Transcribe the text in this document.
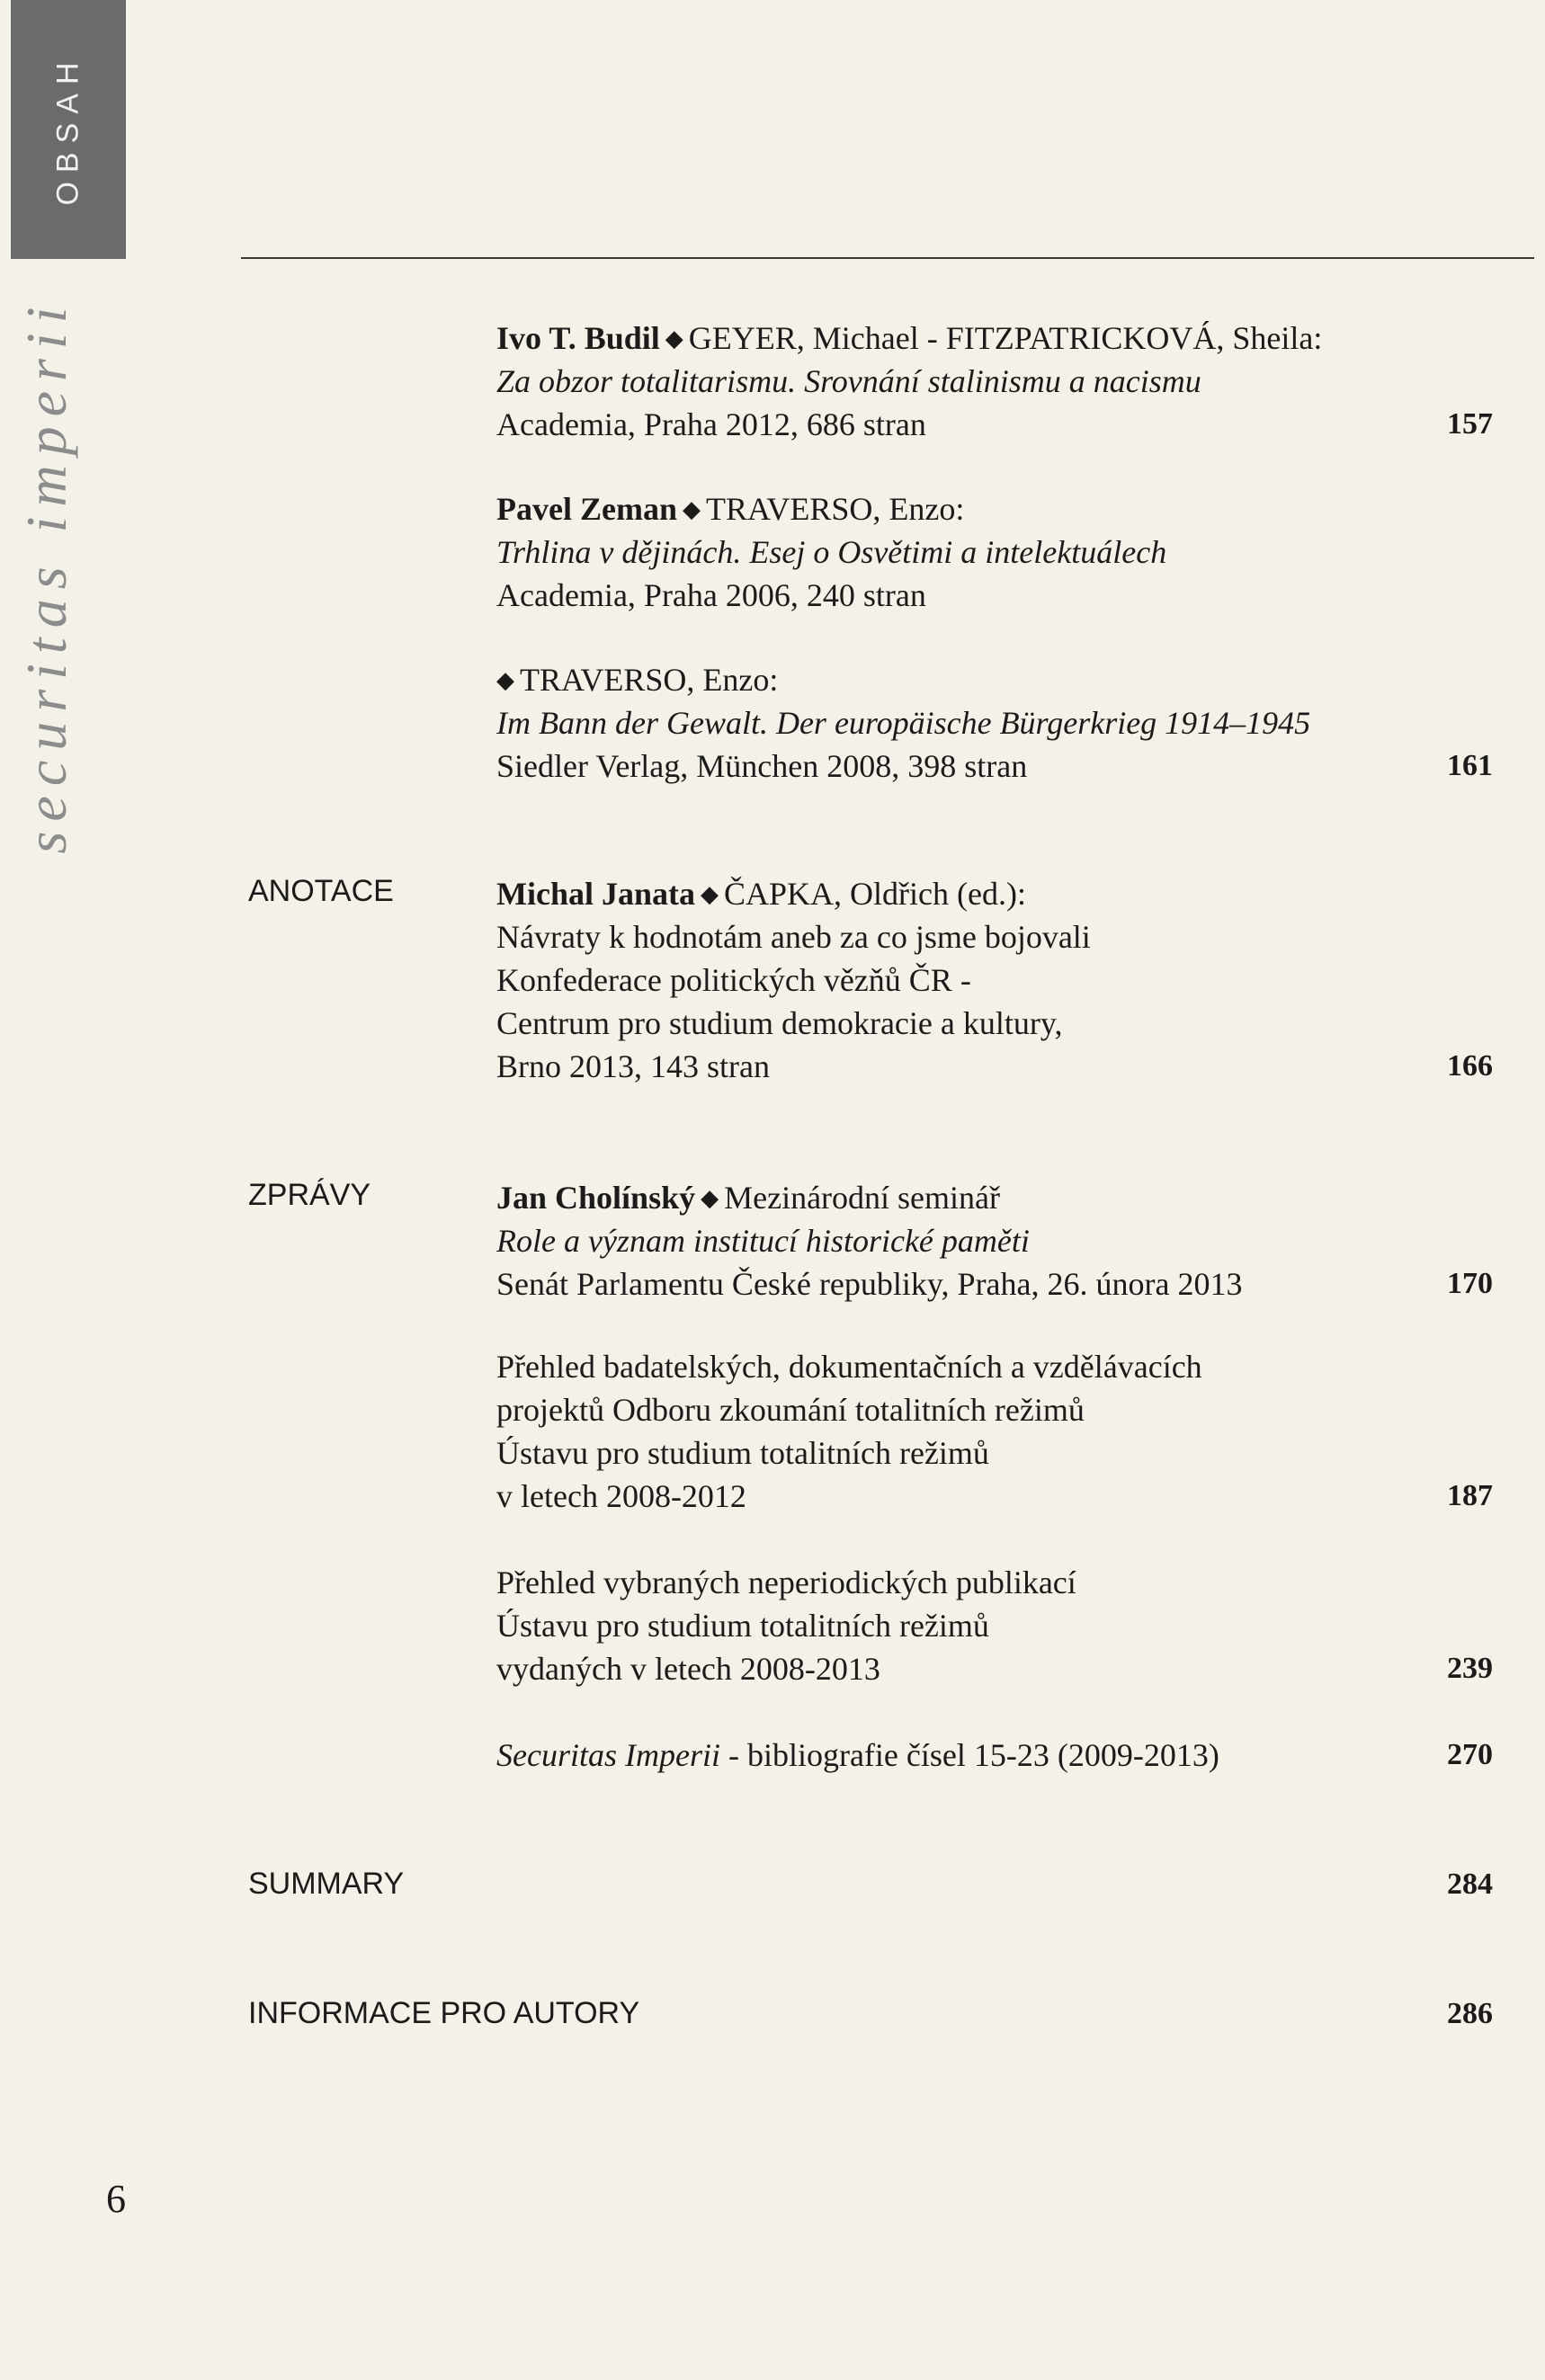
OBSAH
securitas imperii	Ivo T. Budil ◆ GEYER, Michael - FITZPATRICKOVÁ, Sheila:
Za obzor totalitarismu. Srovnání stalinismu a nacismu
Academia, Praha 2012, 686 stran	157
Pavel Zeman ◆ TRAVERSO, Enzo:
Trhlina v dějinách. Esej o Osvětimi a intelektuálech
Academia, Praha 2006, 240 stran
◆ TRAVERSO, Enzo:
Im Bann der Gewalt. Der europäische Bürgerkrieg 1914–1945
Siedler Verlag, München 2008, 398 stran	161
ANOTACE	Michal Janata ◆ ČAPKA, Oldřich (ed.):
Návraty k hodnotám aneb za co jsme bojovali
Konfederace politických vězňů ČR -
Centrum pro studium demokracie a kultury,
Brno 2013, 143 stran	166
ZPRÁVY	Jan Cholínský ◆ Mezinárodní seminář
Role a význam institucí historické paměti
Senát Parlamentu České republiky, Praha, 26. února 2013	170
Přehled badatelských, dokumentačních a vzdělávacích
projektů Odboru zkoumání totalitních režimů
Ústavu pro studium totalitních režimů
v letech 2008-2012	187
Přehled vybraných neperiodických publikací
Ústavu pro studium totalitních režimů
vydaných v letech 2008-2013	239
Securitas Imperii - bibliografie čísel 15-23 (2009-2013)	270
SUMMARY	284
INFORMACE PRO AUTORY	286
6
